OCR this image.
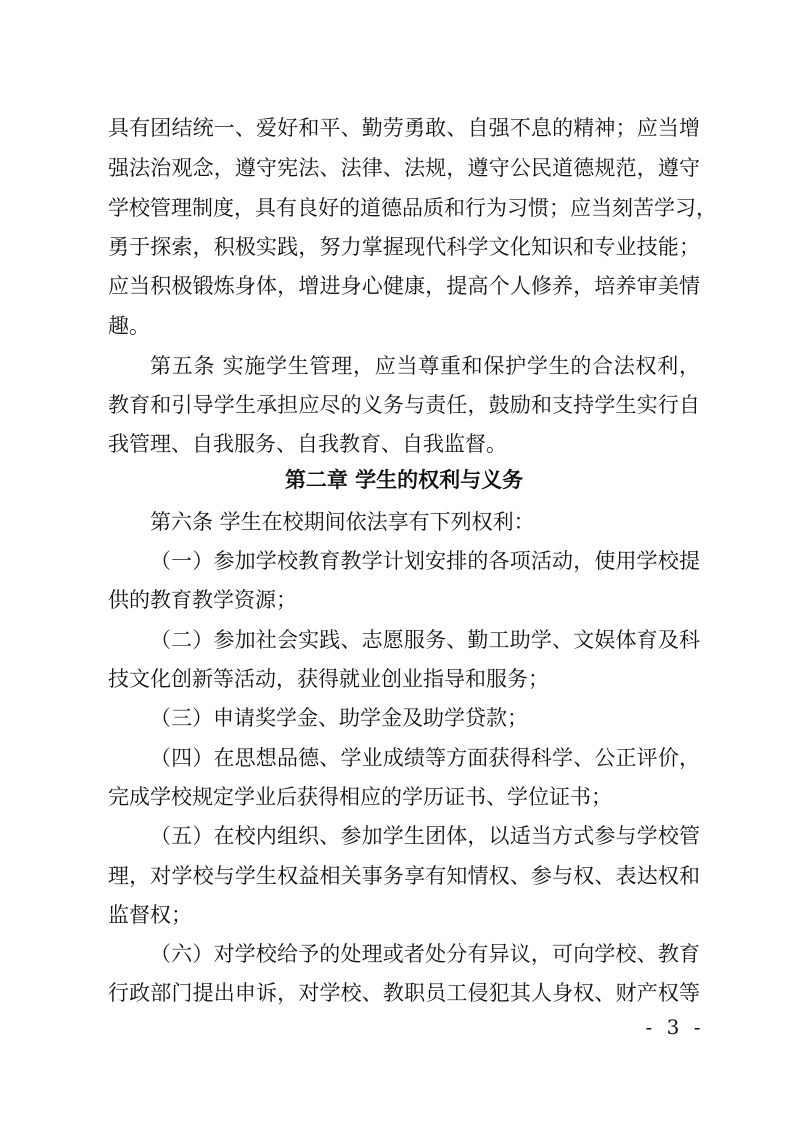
具有团结统一、爱好和平、勤劳勇敢、自强不息的精神；应当增
强法治观念，遵守宪法、法律、法规，遵守公民道德规范，遵守
学校管理制度，具有良好的道德品质和行为习惯；应当刻苦学习，
勇于探索，积极实践，努力掌握现代科学文化知识和专业技能；
应当积极锻炼身体，增进身心健康，提高个人修养，培养审美情
趣。
第五条 实施学生管理，应当尊重和保护学生的合法权利，
教育和引导学生承担应尽的义务与责任，鼓励和支持学生实行自
我管理、自我服务、自我教育、自我监督。
第二章 学生的权利与义务
第六条 学生在校期间依法享有下列权利：
（一）参加学校教育教学计划安排的各项活动，使用学校提
供的教育教学资源；
（二）参加社会实践、志愿服务、勤工助学、文娱体育及科
技文化创新等活动，获得就业创业指导和服务；
（三）申请奖学金、助学金及助学贷款；
（四）在思想品德、学业成绩等方面获得科学、公正评价，
完成学校规定学业后获得相应的学历证书、学位证书；
（五）在校内组织、参加学生团体，以适当方式参与学校管
理，对学校与学生权益相关事务享有知情权、参与权、表达权和
监督权；
（六）对学校给予的处理或者处分有异议，可向学校、教育
行政部门提出申诉，对学校、教职员工侵犯其人身权、财产权等
- 3 -
